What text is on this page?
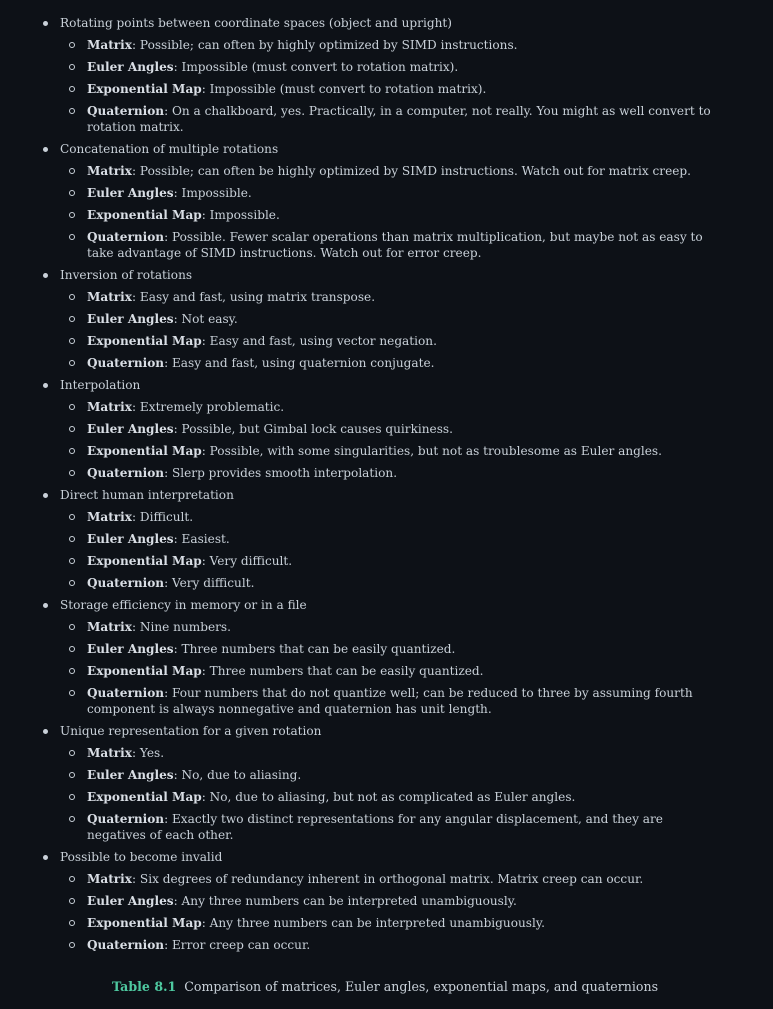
Rotating points between coordinate spaces (object and upright)
Matrix: Possible; can often by highly optimized by SIMD instructions.
Euler Angles: Impossible (must convert to rotation matrix).
Exponential Map: Impossible (must convert to rotation matrix).
Quaternion: On a chalkboard, yes. Practically, in a computer, not really. You might as well convert to rotation matrix.
Concatenation of multiple rotations
Matrix: Possible; can often be highly optimized by SIMD instructions. Watch out for matrix creep.
Euler Angles: Impossible.
Exponential Map: Impossible.
Quaternion: Possible. Fewer scalar operations than matrix multiplication, but maybe not as easy to take advantage of SIMD instructions. Watch out for error creep.
Inversion of rotations
Matrix: Easy and fast, using matrix transpose.
Euler Angles: Not easy.
Exponential Map: Easy and fast, using vector negation.
Quaternion: Easy and fast, using quaternion conjugate.
Interpolation
Matrix: Extremely problematic.
Euler Angles: Possible, but Gimbal lock causes quirkiness.
Exponential Map: Possible, with some singularities, but not as troublesome as Euler angles.
Quaternion: Slerp provides smooth interpolation.
Direct human interpretation
Matrix: Difficult.
Euler Angles: Easiest.
Exponential Map: Very difficult.
Quaternion: Very difficult.
Storage efficiency in memory or in a file
Matrix: Nine numbers.
Euler Angles: Three numbers that can be easily quantized.
Exponential Map: Three numbers that can be easily quantized.
Quaternion: Four numbers that do not quantize well; can be reduced to three by assuming fourth component is always nonnegative and quaternion has unit length.
Unique representation for a given rotation
Matrix: Yes.
Euler Angles: No, due to aliasing.
Exponential Map: No, due to aliasing, but not as complicated as Euler angles.
Quaternion: Exactly two distinct representations for any angular displacement, and they are negatives of each other.
Possible to become invalid
Matrix: Six degrees of redundancy inherent in orthogonal matrix. Matrix creep can occur.
Euler Angles: Any three numbers can be interpreted unambiguously.
Exponential Map: Any three numbers can be interpreted unambiguously.
Quaternion: Error creep can occur.
Table 8.1 Comparison of matrices, Euler angles, exponential maps, and quaternions
